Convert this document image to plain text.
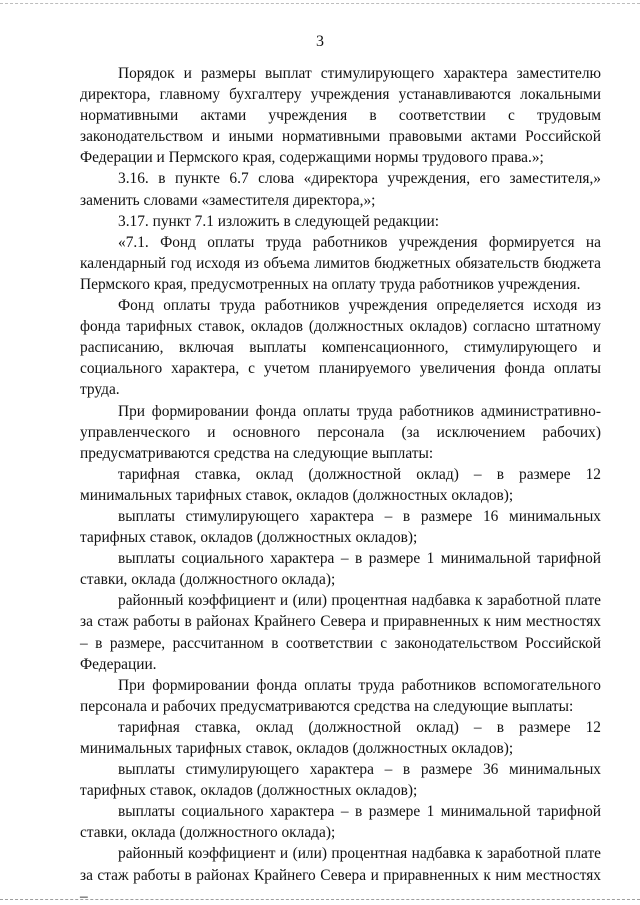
3

Порядок и размеры выплат стимулирующего характера заместителю директора, главному бухгалтеру учреждения устанавливаются локальными нормативными актами учреждения в соответствии с трудовым законодательством и иными нормативными правовыми актами Российской Федерации и Пермского края, содержащими нормы трудового права.»;

3.16. в пункте 6.7 слова «директора учреждения, его заместителя,» заменить словами «заместителя директора,»;

3.17. пункт 7.1 изложить в следующей редакции:

«7.1. Фонд оплаты труда работников учреждения формируется на календарный год исходя из объема лимитов бюджетных обязательств бюджета Пермского края, предусмотренных на оплату труда работников учреждения.

Фонд оплаты труда работников учреждения определяется исходя из фонда тарифных ставок, окладов (должностных окладов) согласно штатному расписанию, включая выплаты компенсационного, стимулирующего и социального характера, с учетом планируемого увеличения фонда оплаты труда.

При формировании фонда оплаты труда работников административно-управленческого и основного персонала (за исключением рабочих) предусматриваются средства на следующие выплаты:

тарифная ставка, оклад (должностной оклад) – в размере 12 минимальных тарифных ставок, окладов (должностных окладов);

выплаты стимулирующего характера – в размере 16 минимальных тарифных ставок, окладов (должностных окладов);

выплаты социального характера – в размере 1 минимальной тарифной ставки, оклада (должностного оклада);

районный коэффициент и (или) процентная надбавка к заработной плате за стаж работы в районах Крайнего Севера и приравненных к ним местностях – в размере, рассчитанном в соответствии с законодательством Российской Федерации.

При формировании фонда оплаты труда работников вспомогательного персонала и рабочих предусматриваются средства на следующие выплаты:

тарифная ставка, оклад (должностной оклад) – в размере 12 минимальных тарифных ставок, окладов (должностных окладов);

выплаты стимулирующего характера – в размере 36 минимальных тарифных ставок, окладов (должностных окладов);

выплаты социального характера – в размере 1 минимальной тарифной ставки, оклада (должностного оклада);

районный коэффициент и (или) процентная надбавка к заработной плате за стаж работы в районах Крайнего Севера и приравненных к ним местностях –
